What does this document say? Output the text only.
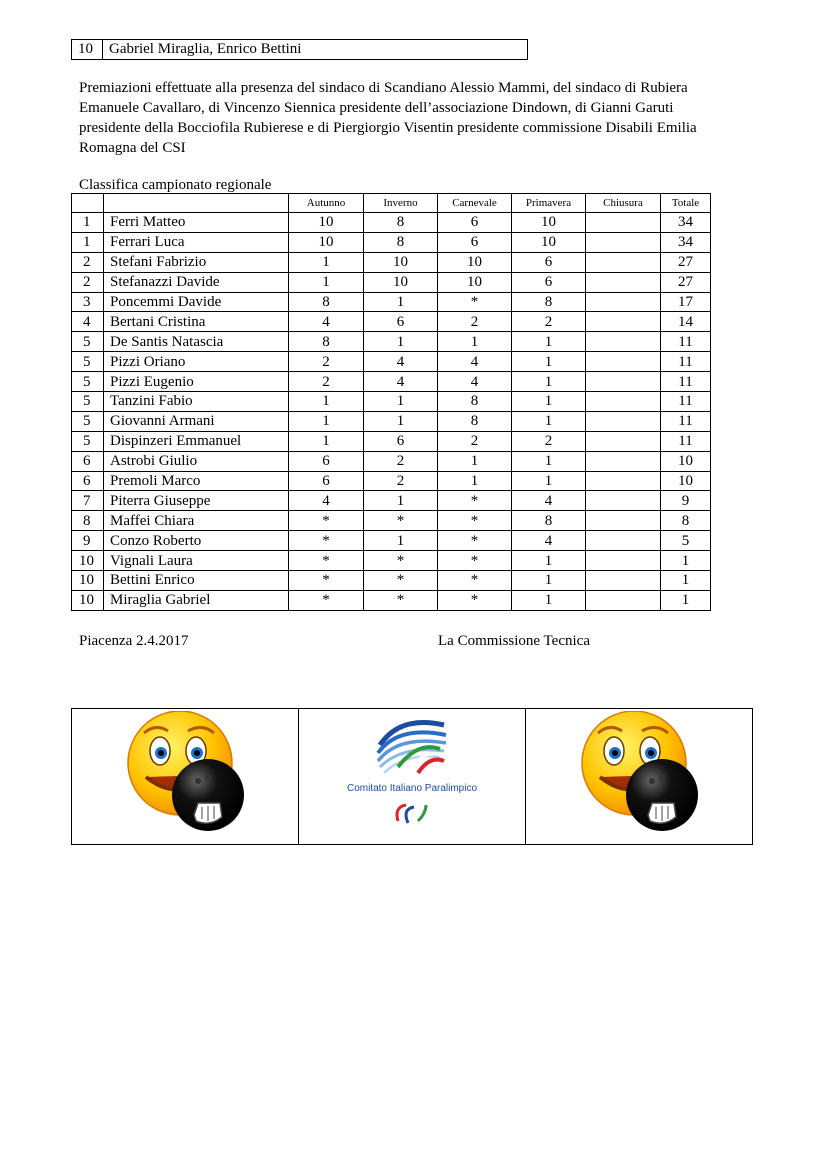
10	Gabriel Miraglia, Enrico Bettini

Premiazioni effettuate alla presenza del sindaco di Scandiano Alessio Mammi, del sindaco di Rubiera Emanuele Cavallaro, di Vincenzo Siennica presidente dell’associazione Dindown, di Gianni Garuti presidente della Bocciofila Rubierese e di Piergiorgio Visentin presidente commissione Disabili Emilia Romagna del CSI

Classifica campionato regionale
		Autunno	Inverno	Carnevale	Primavera	Chiusura	Totale
1	Ferri Matteo	10	8	6	10		34
1	Ferrari Luca	10	8	6	10		34
2	Stefani Fabrizio	1	10	10	6		27
2	Stefanazzi Davide	1	10	10	6		27
3	Poncemmi Davide	8	1	*	8		17
4	Bertani Cristina	4	6	2	2		14
5	De Santis Natascia	8	1	1	1		11
5	Pizzi Oriano	2	4	4	1		11
5	Pizzi Eugenio	2	4	4	1		11
5	Tanzini Fabio	1	1	8	1		11
5	Giovanni Armani	1	1	8	1		11
5	Dispinzeri Emmanuel	1	6	2	2		11
6	Astrobi Giulio	6	2	1	1		10
6	Premoli Marco	6	2	1	1		10
7	Piterra Giuseppe	4	1	*	4		9
8	Maffei Chiara	*	*	*	8		8
9	Conzo Roberto	*	1	*	4		5
10	Vignali Laura	*	*	*	1		1
10	Bettini Enrico	*	*	*	1		1
10	Miraglia Gabriel	*	*	*	1		1
Piacenza 2.4.2017	La Commissione Tecnica

Comitato Italiano Paralimpico
